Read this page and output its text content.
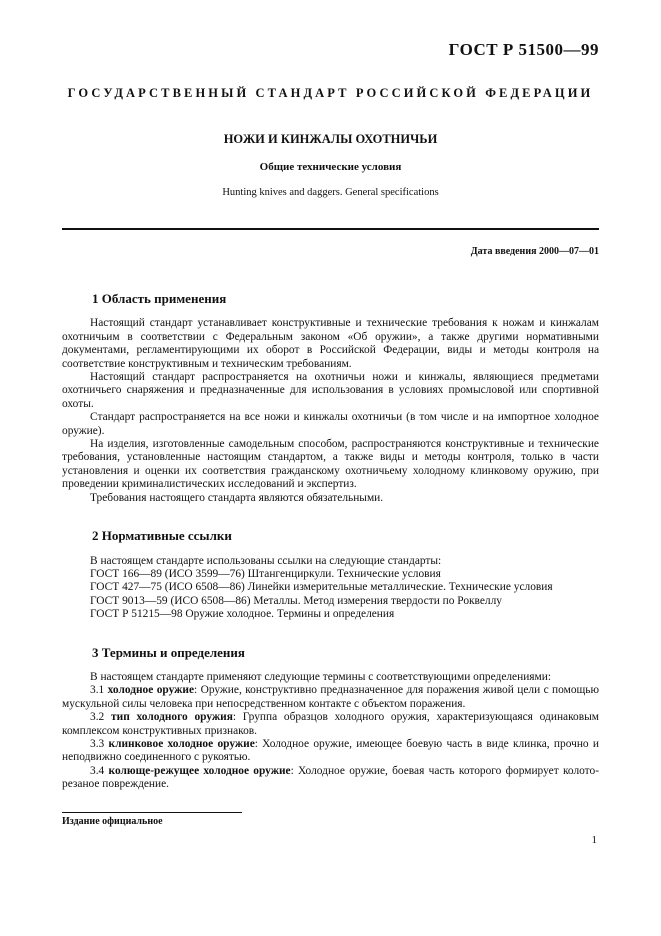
ГОСТ Р 51500—99
ГОСУДАРСТВЕННЫЙ СТАНДАРТ РОССИЙСКОЙ ФЕДЕРАЦИИ

НОЖИ И КИНЖАЛЫ ОХОТНИЧЬИ

Общие технические условия

Hunting knives and daggers. General specifications

Дата введения 2000—07—01
1 Область применения

Настоящий стандарт устанавливает конструктивные и технические требования к ножам и кинжалам охотничьим в соответствии с Федеральным законом «Об оружии», а также другими нормативными документами, регламентирующими их оборот в Российской Федерации, виды и методы контроля на соответствие конструктивным и техническим требованиям.

Настоящий стандарт распространяется на охотничьи ножи и кинжалы, являющиеся предметами охотничьего снаряжения и предназначенные для использования в условиях промысловой или спортивной охоты.

Стандарт распространяется на все ножи и кинжалы охотничьи (в том числе и на импортное холодное оружие).

На изделия, изготовленные самодельным способом, распространяются конструктивные и технические требования, установленные настоящим стандартом, а также виды и методы контроля, только в части установления и оценки их соответствия гражданскому охотничьему холодному клинковому оружию, при проведении криминалистических исследований и экспертиз.

Требования настоящего стандарта являются обязательными.

2 Нормативные ссылки

В настоящем стандарте использованы ссылки на следующие стандарты:

ГОСТ 166—89 (ИСО 3599—76) Штангенциркули. Технические условия

ГОСТ 427—75 (ИСО 6508—86) Линейки измерительные металлические. Технические условия

ГОСТ 9013—59 (ИСО 6508—86) Металлы. Метод измерения твердости по Роквеллу

ГОСТ Р 51215—98 Оружие холодное. Термины и определения

3 Термины и определения

В настоящем стандарте применяют следующие термины с соответствующими определениями:

3.1 холодное оружие: Оружие, конструктивно предназначенное для поражения живой цели с помощью мускульной силы человека при непосредственном контакте с объектом поражения.

3.2 тип холодного оружия: Группа образцов холодного оружия, характеризующаяся одинаковым комплексом конструктивных признаков.

3.3 клинковое холодное оружие: Холодное оружие, имеющее боевую часть в виде клинка, прочно и неподвижно соединенного с рукоятью.

3.4 колюще-режущее холодное оружие: Холодное оружие, боевая часть которого формирует колото-резаное повреждение.

Издание официальное
1
